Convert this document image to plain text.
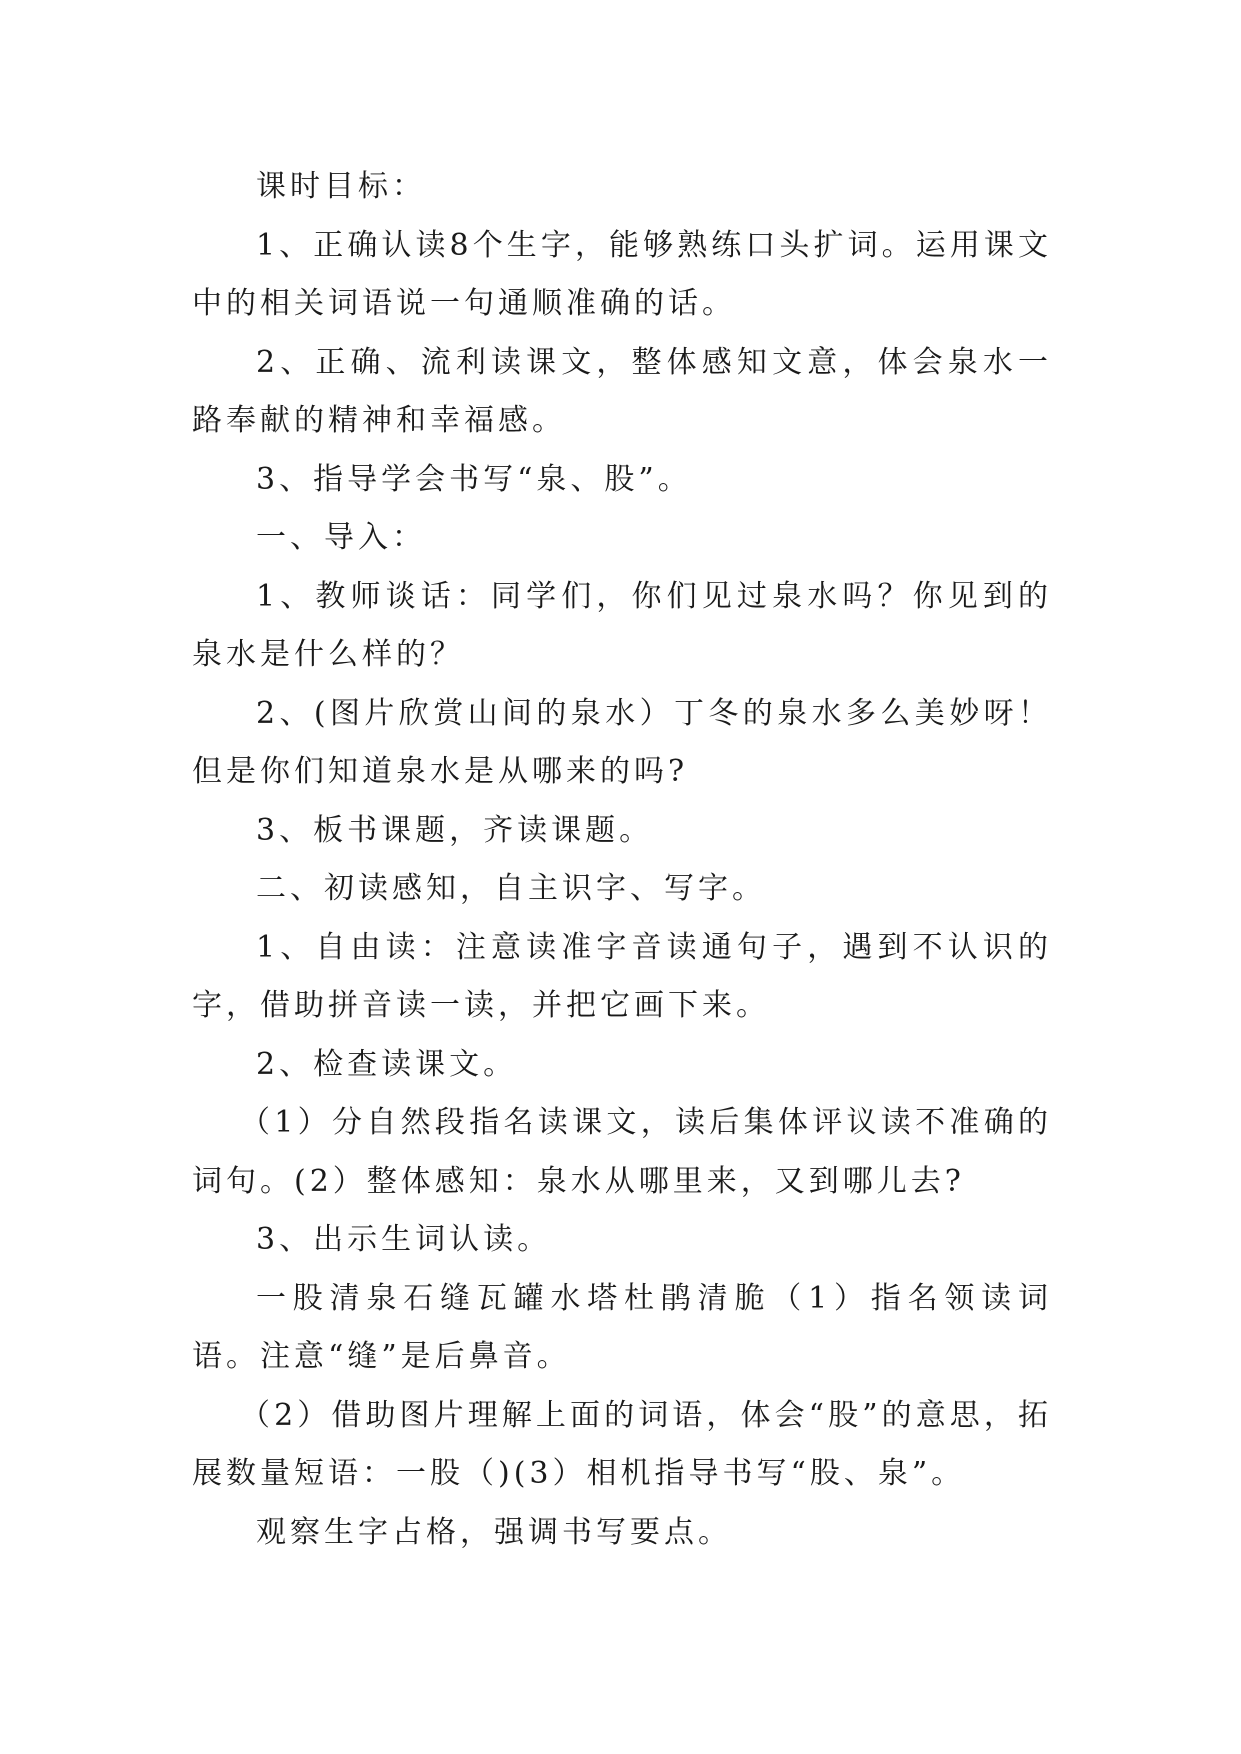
课时目标：

1、正确认读8个生字，能够熟练口头扩词。运用课文中的相关词语说一句通顺准确的话。

2、正确、流利读课文，整体感知文意，体会泉水一路奉献的精神和幸福感。

3、指导学会书写“泉、股”。

一、导入：

1、教师谈话：同学们，你们见过泉水吗？你见到的泉水是什么样的？

2、(图片欣赏山间的泉水）丁冬的泉水多么美妙呀！但是你们知道泉水是从哪来的吗?

3、板书课题，齐读课题。

二、初读感知，自主识字、写字。

1、自由读：注意读准字音读通句子，遇到不认识的字，借助拼音读一读，并把它画下来。

2、检查读课文。

（1）分自然段指名读课文，读后集体评议读不准确的词句。(2）整体感知：泉水从哪里来，又到哪儿去?

3、出示生词认读。

一股清泉石缝瓦罐水塔杜鹃清脆（1）指名领读词语。注意“缝”是后鼻音。

（2）借助图片理解上面的词语，体会“股”的意思，拓展数量短语：一股（)(3）相机指导书写“股、泉”。

观察生字占格，强调书写要点。
